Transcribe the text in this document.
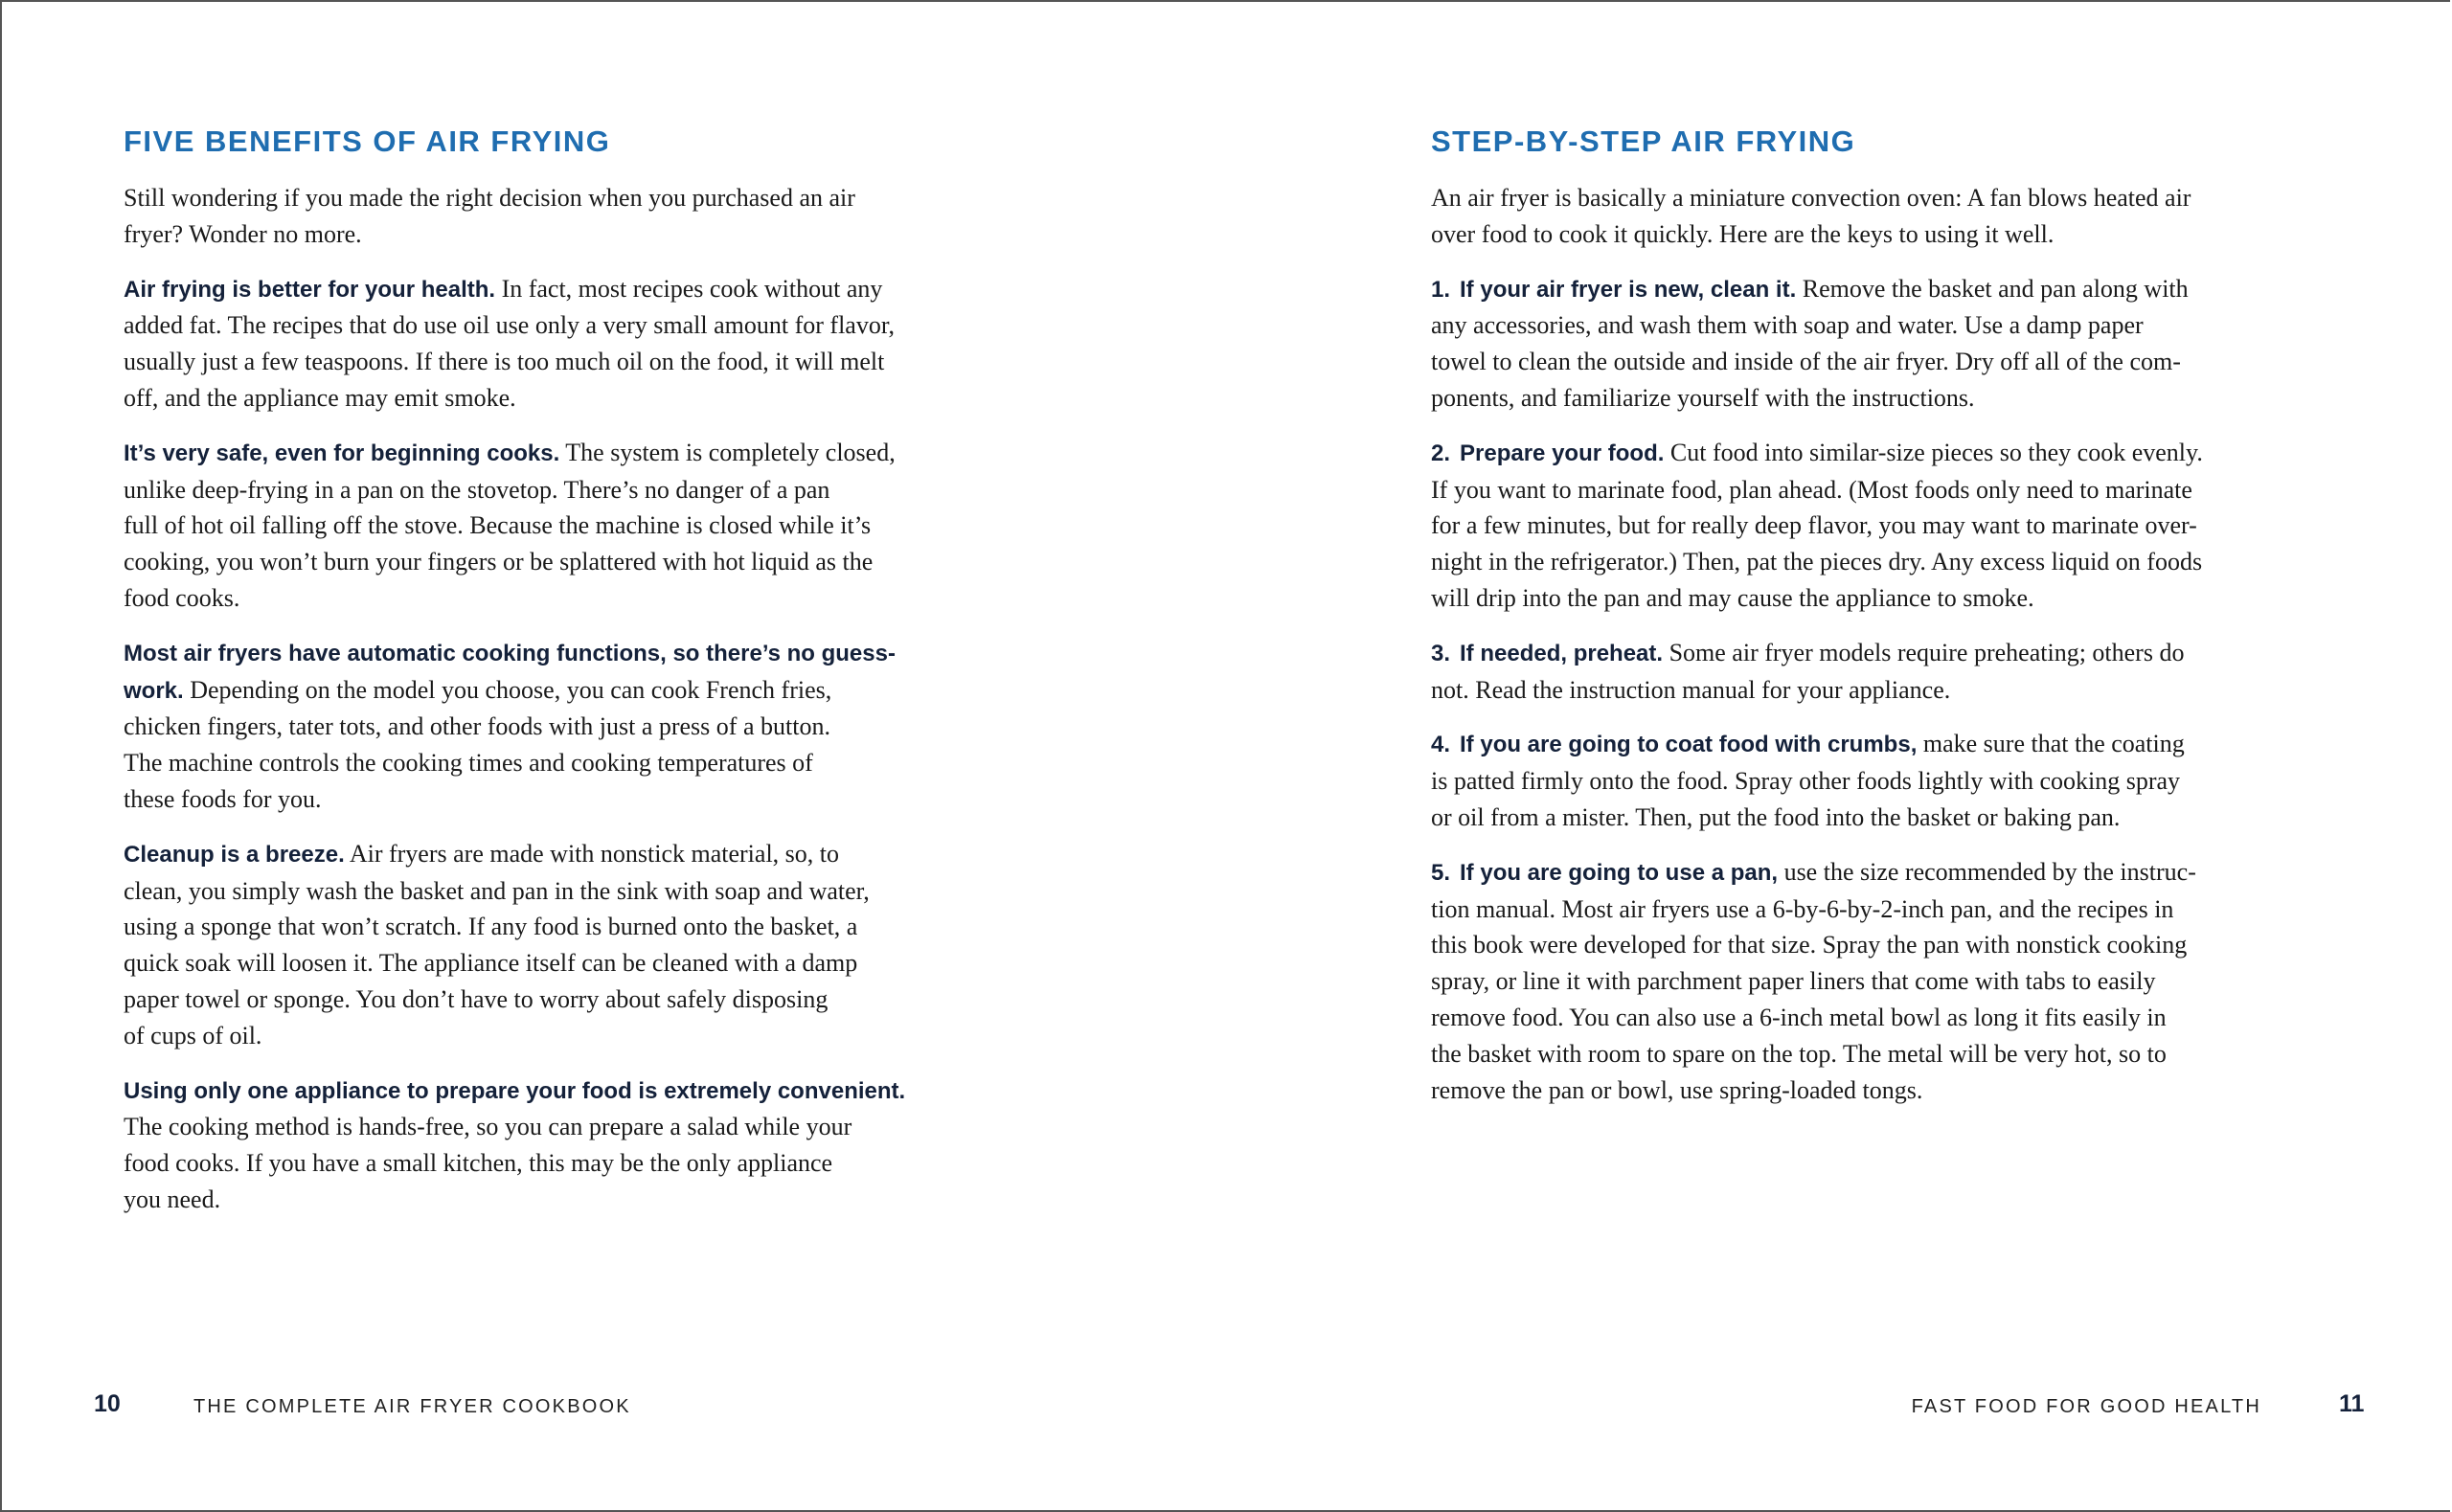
FIVE BENEFITS OF AIR FRYING
Still wondering if you made the right decision when you purchased an air
fryer? Wonder no more.
Air frying is better for your health. In fact, most recipes cook without any
added fat. The recipes that do use oil use only a very small amount for flavor,
usually just a few teaspoons. If there is too much oil on the food, it will melt
off, and the appliance may emit smoke.
It’s very safe, even for beginning cooks. The system is completely closed,
unlike deep-frying in a pan on the stovetop. There’s no danger of a pan
full of hot oil falling off the stove. Because the machine is closed while it’s
cooking, you won’t burn your fingers or be splattered with hot liquid as the
food cooks.
Most air fryers have automatic cooking functions, so there’s no guess-
work. Depending on the model you choose, you can cook French fries,
chicken fingers, tater tots, and other foods with just a press of a button.
The machine controls the cooking times and cooking temperatures of
these foods for you.
Cleanup is a breeze. Air fryers are made with nonstick material, so, to
clean, you simply wash the basket and pan in the sink with soap and water,
using a sponge that won’t scratch. If any food is burned onto the basket, a
quick soak will loosen it. The appliance itself can be cleaned with a damp
paper towel or sponge. You don’t have to worry about safely disposing
of cups of oil.
Using only one appliance to prepare your food is extremely convenient.
The cooking method is hands-free, so you can prepare a salad while your
food cooks. If you have a small kitchen, this may be the only appliance
you need.
STEP-BY-STEP AIR FRYING
An air fryer is basically a miniature convection oven: A fan blows heated air
over food to cook it quickly. Here are the keys to using it well.
1. If your air fryer is new, clean it. Remove the basket and pan along with
any accessories, and wash them with soap and water. Use a damp paper
towel to clean the outside and inside of the air fryer. Dry off all of the com-
ponents, and familiarize yourself with the instructions.
2. Prepare your food. Cut food into similar-size pieces so they cook evenly.
If you want to marinate food, plan ahead. (Most foods only need to marinate
for a few minutes, but for really deep flavor, you may want to marinate over-
night in the refrigerator.) Then, pat the pieces dry. Any excess liquid on foods
will drip into the pan and may cause the appliance to smoke.
3. If needed, preheat. Some air fryer models require preheating; others do
not. Read the instruction manual for your appliance.
4. If you are going to coat food with crumbs, make sure that the coating
is patted firmly onto the food. Spray other foods lightly with cooking spray
or oil from a mister. Then, put the food into the basket or baking pan.
5. If you are going to use a pan, use the size recommended by the instruc-
tion manual. Most air fryers use a 6-by-6-by-2-inch pan, and the recipes in
this book were developed for that size. Spray the pan with nonstick cooking
spray, or line it with parchment paper liners that come with tabs to easily
remove food. You can also use a 6-inch metal bowl as long it fits easily in
the basket with room to spare on the top. The metal will be very hot, so to
remove the pan or bowl, use spring-loaded tongs.
10	THE COMPLETE AIR FRYER COOKBOOK	FAST FOOD FOR GOOD HEALTH	11
